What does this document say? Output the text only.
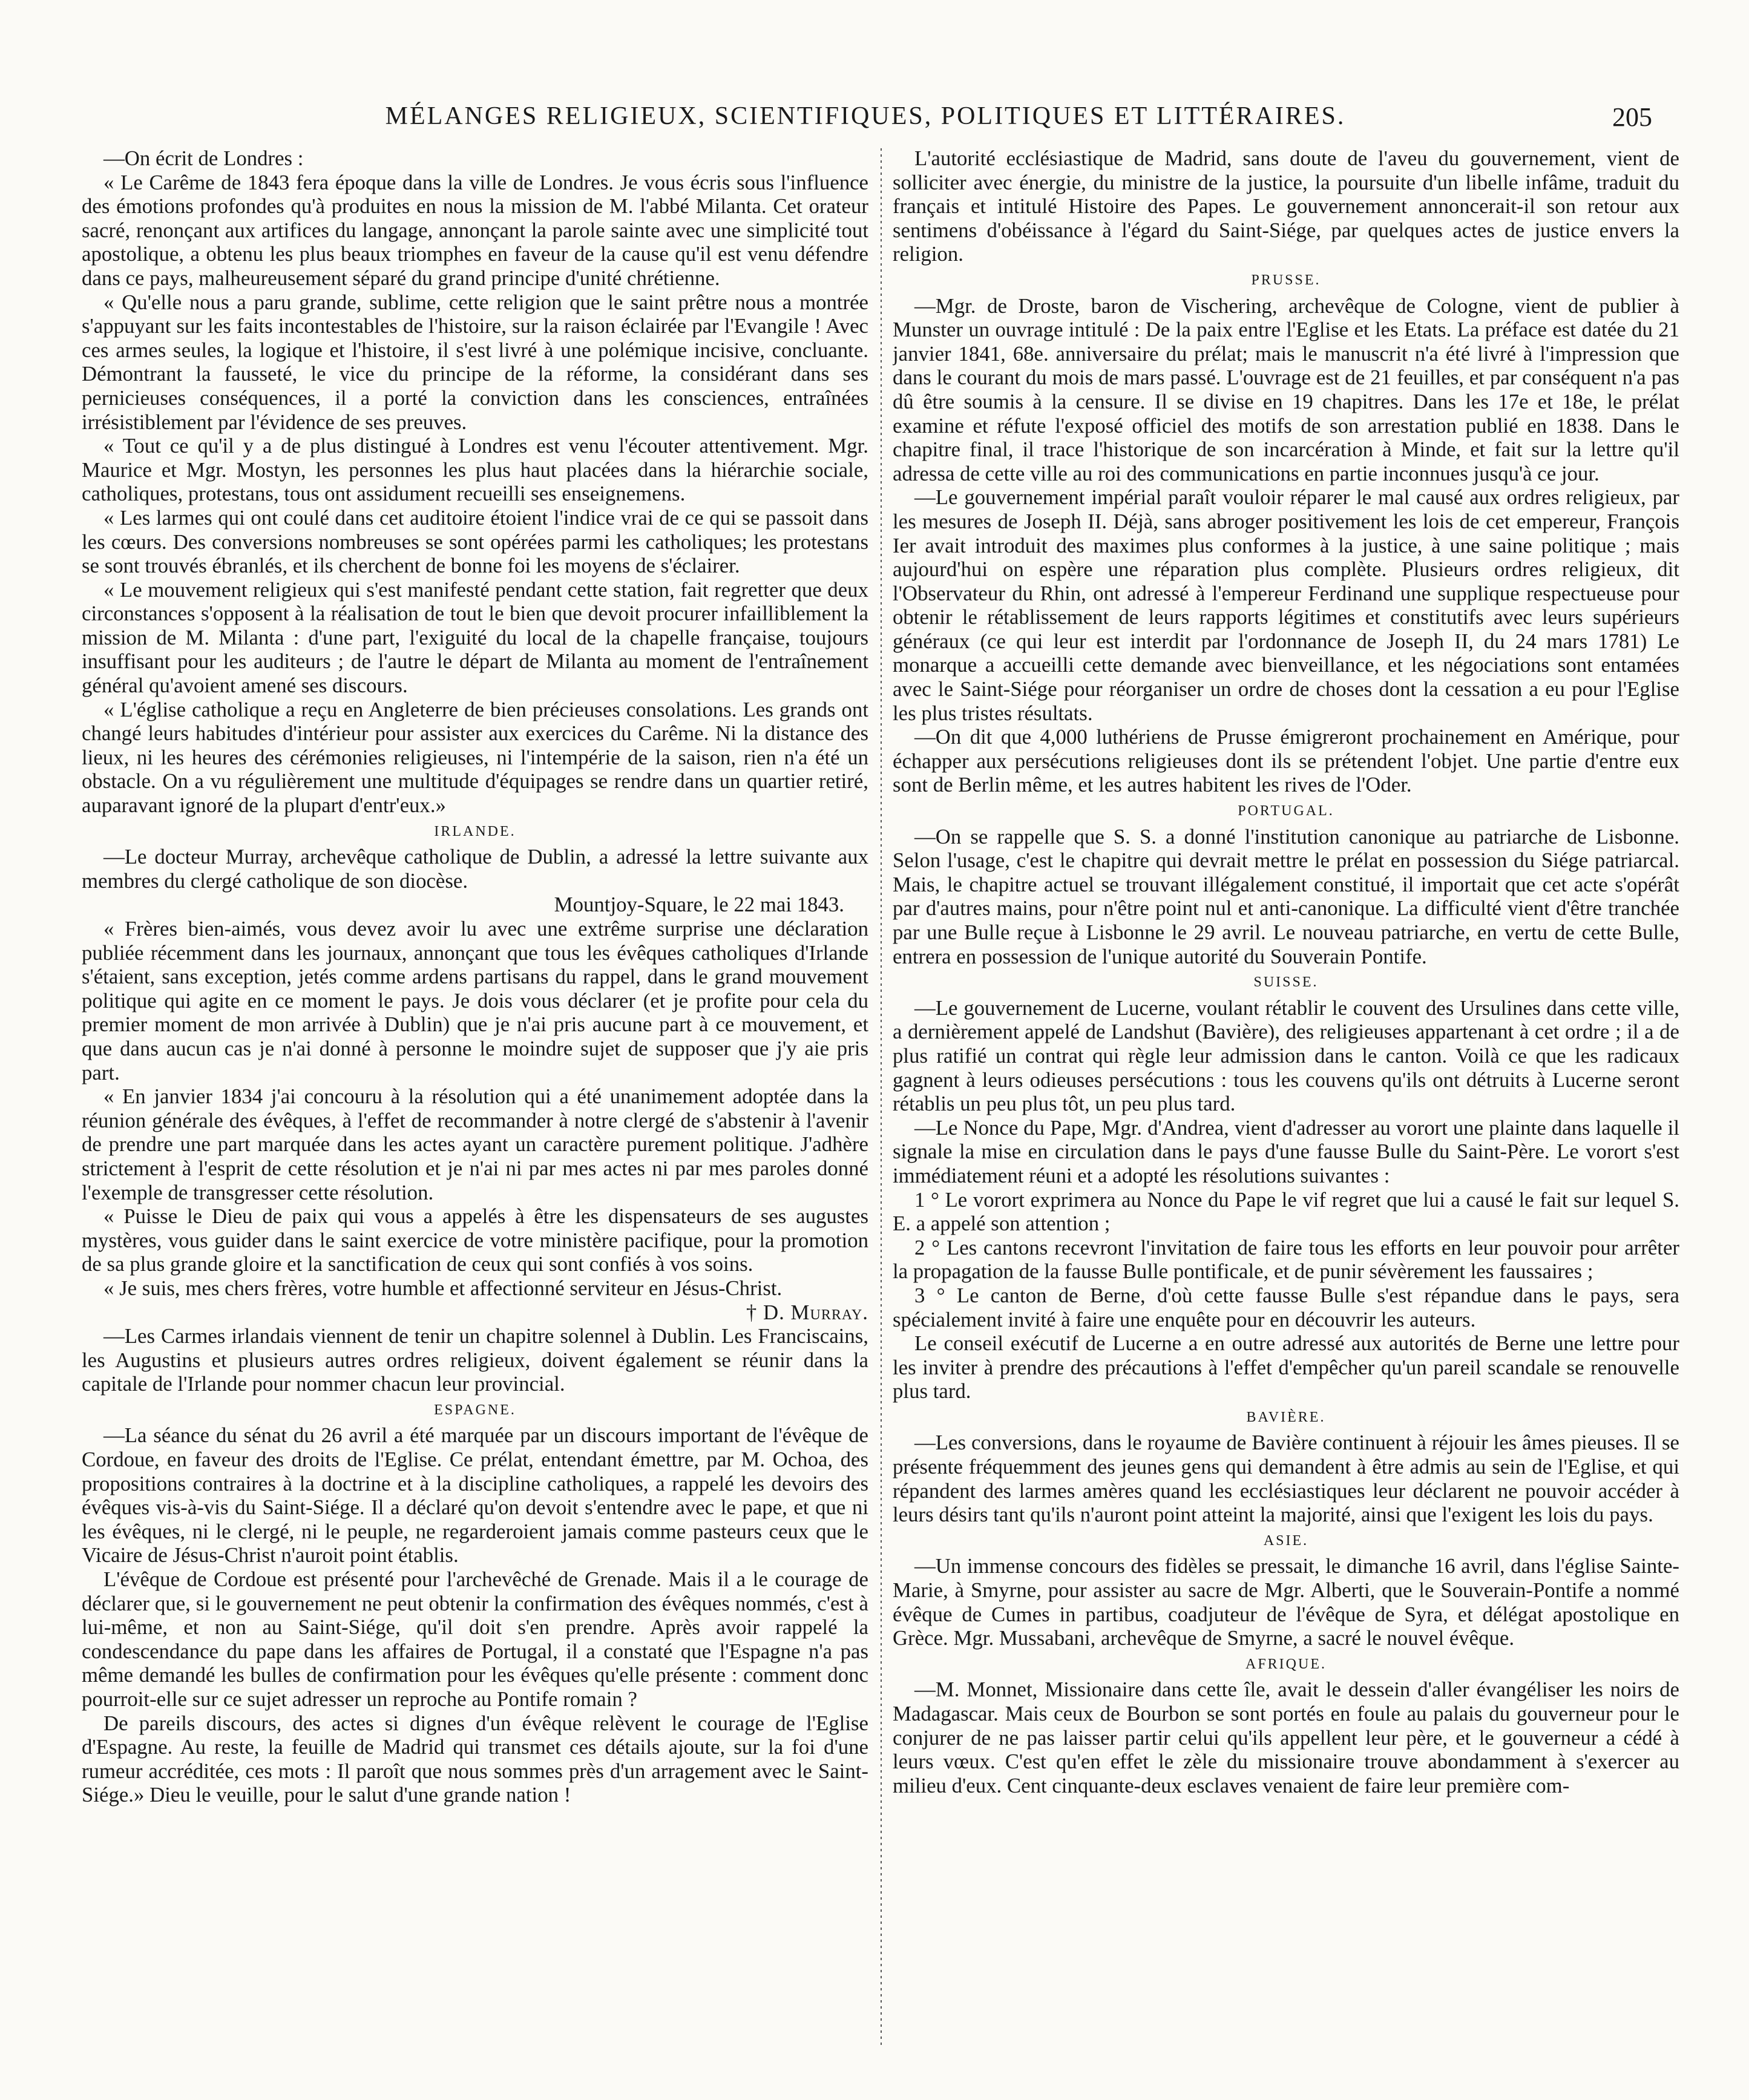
MÉLANGES RELIGIEUX, SCIENTIFIQUES, POLITIQUES ET LITTÉRAIRES.	205

—On écrit de Londres :

« Le Carême de 1843 fera époque dans la ville de Londres. Je vous écris sous l'influence des émotions profondes qu'à produites en nous la mission de M. l'abbé Milanta. Cet orateur sacré, renonçant aux artifices du langage, annonçant la parole sainte avec une simplicité tout apostolique, a obtenu les plus beaux triomphes en faveur de la cause qu'il est venu défendre dans ce pays, malheureusement séparé du grand principe d'unité chrétienne.

« Qu'elle nous a paru grande, sublime, cette religion que le saint prêtre nous a montrée s'appuyant sur les faits incontestables de l'histoire, sur la raison éclairée par l'Evangile ! Avec ces armes seules, la logique et l'histoire, il s'est livré à une polémique incisive, concluante. Démontrant la fausseté, le vice du principe de la réforme, la considérant dans ses pernicieuses conséquences, il a porté la conviction dans les consciences, entraînées irrésistiblement par l'évidence de ses preuves.

« Tout ce qu'il y a de plus distingué à Londres est venu l'écouter attentivement. Mgr. Maurice et Mgr. Mostyn, les personnes les plus haut placées dans la hiérarchie sociale, catholiques, protestans, tous ont assidument recueilli ses enseignemens.

« Les larmes qui ont coulé dans cet auditoire étoient l'indice vrai de ce qui se passoit dans les cœurs. Des conversions nombreuses se sont opérées parmi les catholiques; les protestans se sont trouvés ébranlés, et ils cherchent de bonne foi les moyens de s'éclairer.

« Le mouvement religieux qui s'est manifesté pendant cette station, fait regretter que deux circonstances s'opposent à la réalisation de tout le bien que devoit procurer infailliblement la mission de M. Milanta : d'une part, l'exiguité du local de la chapelle française, toujours insuffisant pour les auditeurs ; de l'autre le départ de Milanta au moment de l'entraînement général qu'avoient amené ses discours.

« L'église catholique a reçu en Angleterre de bien précieuses consolations. Les grands ont changé leurs habitudes d'intérieur pour assister aux exercices du Carême. Ni la distance des lieux, ni les heures des cérémonies religieuses, ni l'intempérie de la saison, rien n'a été un obstacle. On a vu régulièrement une multitude d'équipages se rendre dans un quartier retiré, auparavant ignoré de la plupart d'entr'eux.»

IRLANDE.

—Le docteur Murray, archevêque catholique de Dublin, a adressé la lettre suivante aux membres du clergé catholique de son diocèse.

Mountjoy-Square, le 22 mai 1843.

« Frères bien-aimés, vous devez avoir lu avec une extrême surprise une déclaration publiée récemment dans les journaux, annonçant que tous les évêques catholiques d'Irlande s'étaient, sans exception, jetés comme ardens partisans du rappel, dans le grand mouvement politique qui agite en ce moment le pays. Je dois vous déclarer (et je profite pour cela du premier moment de mon arrivée à Dublin) que je n'ai pris aucune part à ce mouvement, et que dans aucun cas je n'ai donné à personne le moindre sujet de supposer que j'y aie pris part.

« En janvier 1834 j'ai concouru à la résolution qui a été unanimement adoptée dans la réunion générale des évêques, à l'effet de recommander à notre clergé de s'abstenir à l'avenir de prendre une part marquée dans les actes ayant un caractère purement politique. J'adhère strictement à l'esprit de cette résolution et je n'ai ni par mes actes ni par mes paroles donné l'exemple de transgresser cette résolution.

« Puisse le Dieu de paix qui vous a appelés à être les dispensateurs de ses augustes mystères, vous guider dans le saint exercice de votre ministère pacifique, pour la promotion de sa plus grande gloire et la sanctification de ceux qui sont confiés à vos soins.

« Je suis, mes chers frères, votre humble et affectionné serviteur en Jésus-Christ.

† D. Murray.

—Les Carmes irlandais viennent de tenir un chapitre solennel à Dublin. Les Franciscains, les Augustins et plusieurs autres ordres religieux, doivent également se réunir dans la capitale de l'Irlande pour nommer chacun leur provincial.

ESPAGNE.

—La séance du sénat du 26 avril a été marquée par un discours important de l'évêque de Cordoue, en faveur des droits de l'Eglise. Ce prélat, entendant émettre, par M. Ochoa, des propositions contraires à la doctrine et à la discipline catholiques, a rappelé les devoirs des évêques vis-à-vis du Saint-Siége. Il a déclaré qu'on devoit s'entendre avec le pape, et que ni les évêques, ni le clergé, ni le peuple, ne regarderoient jamais comme pasteurs ceux que le Vicaire de Jésus-Christ n'auroit point établis.

L'évêque de Cordoue est présenté pour l'archevêché de Grenade. Mais il a le courage de déclarer que, si le gouvernement ne peut obtenir la confirmation des évêques nommés, c'est à lui-même, et non au Saint-Siége, qu'il doit s'en prendre. Après avoir rappelé la condescendance du pape dans les affaires de Portugal, il a constaté que l'Espagne n'a pas même demandé les bulles de confirmation pour les évêques qu'elle présente : comment donc pourroit-elle sur ce sujet adresser un reproche au Pontife romain ?

De pareils discours, des actes si dignes d'un évêque relèvent le courage de l'Eglise d'Espagne. Au reste, la feuille de Madrid qui transmet ces détails ajoute, sur la foi d'une rumeur accréditée, ces mots : Il paroît que nous sommes près d'un arragement avec le Saint-Siége.» Dieu le veuille, pour le salut d'une grande nation !

L'autorité ecclésiastique de Madrid, sans doute de l'aveu du gouvernement, vient de solliciter avec énergie, du ministre de la justice, la poursuite d'un libelle infâme, traduit du français et intitulé Histoire des Papes. Le gouvernement annoncerait-il son retour aux sentimens d'obéissance à l'égard du Saint-Siége, par quelques actes de justice envers la religion.

PRUSSE.

—Mgr. de Droste, baron de Vischering, archevêque de Cologne, vient de publier à Munster un ouvrage intitulé : De la paix entre l'Eglise et les Etats. La préface est datée du 21 janvier 1841, 68e. anniversaire du prélat; mais le manuscrit n'a été livré à l'impression que dans le courant du mois de mars passé. L'ouvrage est de 21 feuilles, et par conséquent n'a pas dû être soumis à la censure. Il se divise en 19 chapitres. Dans les 17e et 18e, le prélat examine et réfute l'exposé officiel des motifs de son arrestation publié en 1838. Dans le chapitre final, il trace l'historique de son incarcération à Minde, et fait sur la lettre qu'il adressa de cette ville au roi des communications en partie inconnues jusqu'à ce jour.

—Le gouvernement impérial paraît vouloir réparer le mal causé aux ordres religieux, par les mesures de Joseph II. Déjà, sans abroger positivement les lois de cet empereur, François Ier avait introduit des maximes plus conformes à la justice, à une saine politique ; mais aujourd'hui on espère une réparation plus complète. Plusieurs ordres religieux, dit l'Observateur du Rhin, ont adressé à l'empereur Ferdinand une supplique respectueuse pour obtenir le rétablissement de leurs rapports légitimes et constitutifs avec leurs supérieurs généraux (ce qui leur est interdit par l'ordonnance de Joseph II, du 24 mars 1781) Le monarque a accueilli cette demande avec bienveillance, et les négociations sont entamées avec le Saint-Siége pour réorganiser un ordre de choses dont la cessation a eu pour l'Eglise les plus tristes résultats.

—On dit que 4,000 luthériens de Prusse émigreront prochainement en Amérique, pour échapper aux persécutions religieuses dont ils se prétendent l'objet. Une partie d'entre eux sont de Berlin même, et les autres habitent les rives de l'Oder.

PORTUGAL.

—On se rappelle que S. S. a donné l'institution canonique au patriarche de Lisbonne. Selon l'usage, c'est le chapitre qui devrait mettre le prélat en possession du Siége patriarcal. Mais, le chapitre actuel se trouvant illégalement constitué, il importait que cet acte s'opérât par d'autres mains, pour n'être point nul et anti-canonique. La difficulté vient d'être tranchée par une Bulle reçue à Lisbonne le 29 avril. Le nouveau patriarche, en vertu de cette Bulle, entrera en possession de l'unique autorité du Souverain Pontife.

SUISSE.

—Le gouvernement de Lucerne, voulant rétablir le couvent des Ursulines dans cette ville, a dernièrement appelé de Landshut (Bavière), des religieuses appartenant à cet ordre ; il a de plus ratifié un contrat qui règle leur admission dans le canton. Voilà ce que les radicaux gagnent à leurs odieuses persécutions : tous les couvens qu'ils ont détruits à Lucerne seront rétablis un peu plus tôt, un peu plus tard.

—Le Nonce du Pape, Mgr. d'Andrea, vient d'adresser au vorort une plainte dans laquelle il signale la mise en circulation dans le pays d'une fausse Bulle du Saint-Père. Le vorort s'est immédiatement réuni et a adopté les résolutions suivantes :

1 ° Le vorort exprimera au Nonce du Pape le vif regret que lui a causé le fait sur lequel S. E. a appelé son attention ;

2 ° Les cantons recevront l'invitation de faire tous les efforts en leur pouvoir pour arrêter la propagation de la fausse Bulle pontificale, et de punir sévèrement les faussaires ;

3 ° Le canton de Berne, d'où cette fausse Bulle s'est répandue dans le pays, sera spécialement invité à faire une enquête pour en découvrir les auteurs.

Le conseil exécutif de Lucerne a en outre adressé aux autorités de Berne une lettre pour les inviter à prendre des précautions à l'effet d'empêcher qu'un pareil scandale se renouvelle plus tard.

BAVIÈRE.

—Les conversions, dans le royaume de Bavière continuent à réjouir les âmes pieuses. Il se présente fréquemment des jeunes gens qui demandent à être admis au sein de l'Eglise, et qui répandent des larmes amères quand les ecclésiastiques leur déclarent ne pouvoir accéder à leurs désirs tant qu'ils n'auront point atteint la majorité, ainsi que l'exigent les lois du pays.

ASIE.

—Un immense concours des fidèles se pressait, le dimanche 16 avril, dans l'église Sainte-Marie, à Smyrne, pour assister au sacre de Mgr. Alberti, que le Souverain-Pontife a nommé évêque de Cumes in partibus, coadjuteur de l'évêque de Syra, et délégat apostolique en Grèce. Mgr. Mussabani, archevêque de Smyrne, a sacré le nouvel évêque.

AFRIQUE.

—M. Monnet, Missionaire dans cette île, avait le dessein d'aller évangéliser les noirs de Madagascar. Mais ceux de Bourbon se sont portés en foule au palais du gouverneur pour le conjurer de ne pas laisser partir celui qu'ils appellent leur père, et le gouverneur a cédé à leurs vœux. C'est qu'en effet le zèle du missionaire trouve abondamment à s'exercer au milieu d'eux. Cent cinquante-deux esclaves venaient de faire leur première com-
